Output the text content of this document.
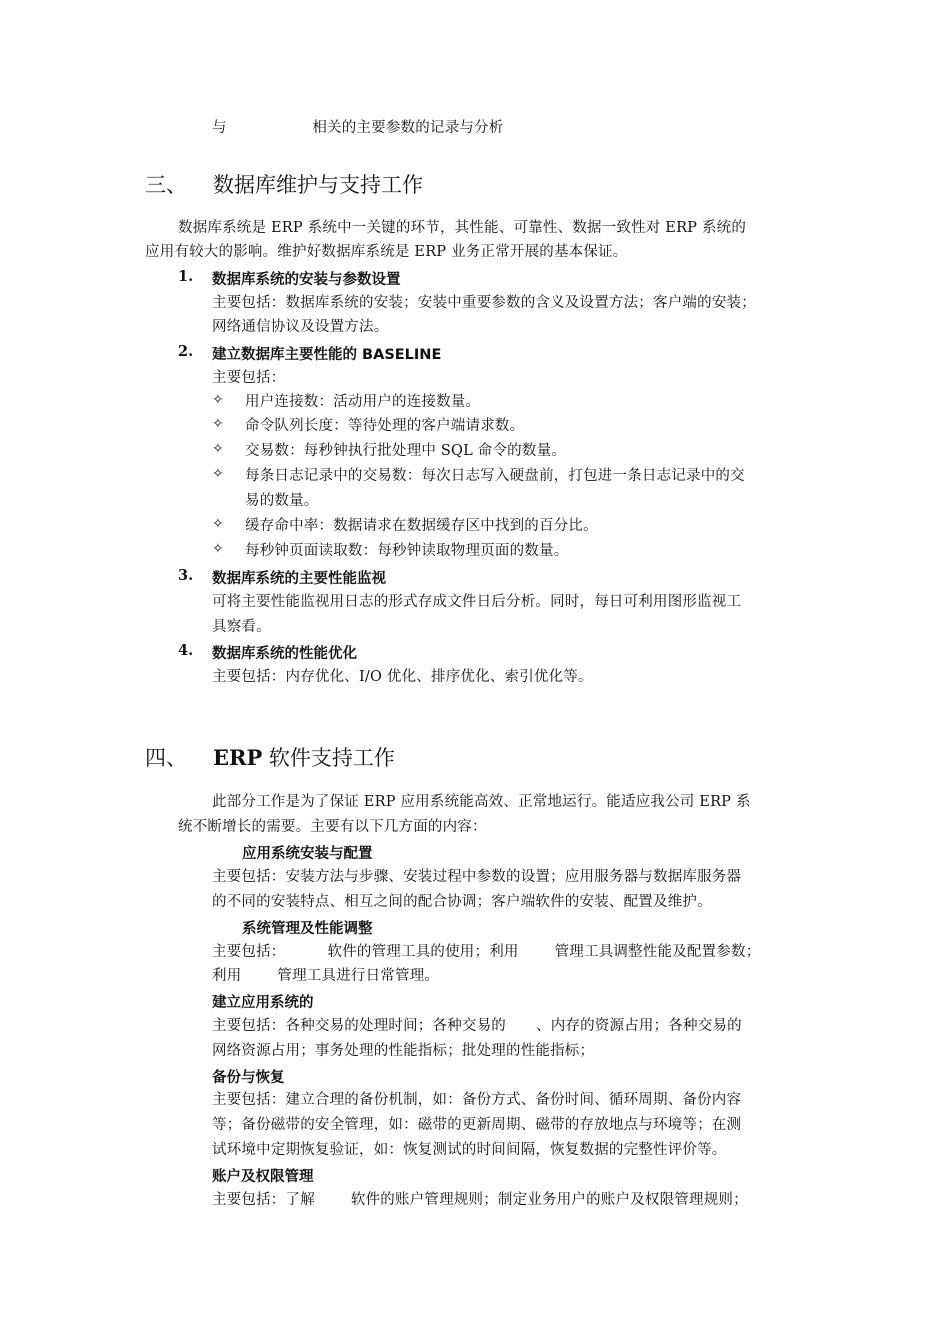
与	相关的主要参数的记录与分析
三、 数据库维护与支持工作
数据库系统是 ERP 系统中一关键的环节，其性能、可靠性、数据一致性对 ERP 系统的
应用有较大的影响。维护好数据库系统是 ERP 业务正常开展的基本保证。
1. 数据库系统的安装与参数设置
主要包括：数据库系统的安装；安装中重要参数的含义及设置方法；客户端的安装；
网络通信协议及设置方法。
2. 建立数据库主要性能的 BASELINE
主要包括：
✧ 用户连接数：活动用户的连接数量。
✧ 命令队列长度：等待处理的客户端请求数。
✧ 交易数：每秒钟执行批处理中 SQL 命令的数量。
✧ 每条日志记录中的交易数：每次日志写入硬盘前，打包进一条日志记录中的交
易的数量。
✧ 缓存命中率：数据请求在数据缓存区中找到的百分比。
✧ 每秒钟页面读取数：每秒钟读取物理页面的数量。
3. 数据库系统的主要性能监视
可将主要性能监视用日志的形式存成文件日后分析。同时，每日可利用图形监视工
具察看。
4. 数据库系统的性能优化
主要包括：内存优化、I/O 优化、排序优化、索引优化等。
四、 ERP 软件支持工作
此部分工作是为了保证 ERP 应用系统能高效、正常地运行。能适应我公司 ERP 系
统不断增长的需要。主要有以下几方面的内容：
应用系统安装与配置
主要包括：安装方法与步骤、安装过程中参数的设置；应用服务器与数据库服务器
的不同的安装特点、相互之间的配合协调；客户端软件的安装、配置及维护。
系统管理及性能调整
主要包括：	软件的管理工具的使用；利用 管理工具调整性能及配置参数；
利用 管理工具进行日常管理。
建立应用系统的
主要包括：各种交易的处理时间；各种交易的 、内存的资源占用；各种交易的
网络资源占用；事务处理的性能指标；批处理的性能指标；
备份与恢复
主要包括：建立合理的备份机制，如：备份方式、备份时间、循环周期、备份内容
等；备份磁带的安全管理，如：磁带的更新周期、磁带的存放地点与环境等；在测
试环境中定期恢复验证，如：恢复测试的时间间隔，恢复数据的完整性评价等。
账户及权限管理
主要包括：了解 软件的账户管理规则；制定业务用户的账户及权限管理规则；
